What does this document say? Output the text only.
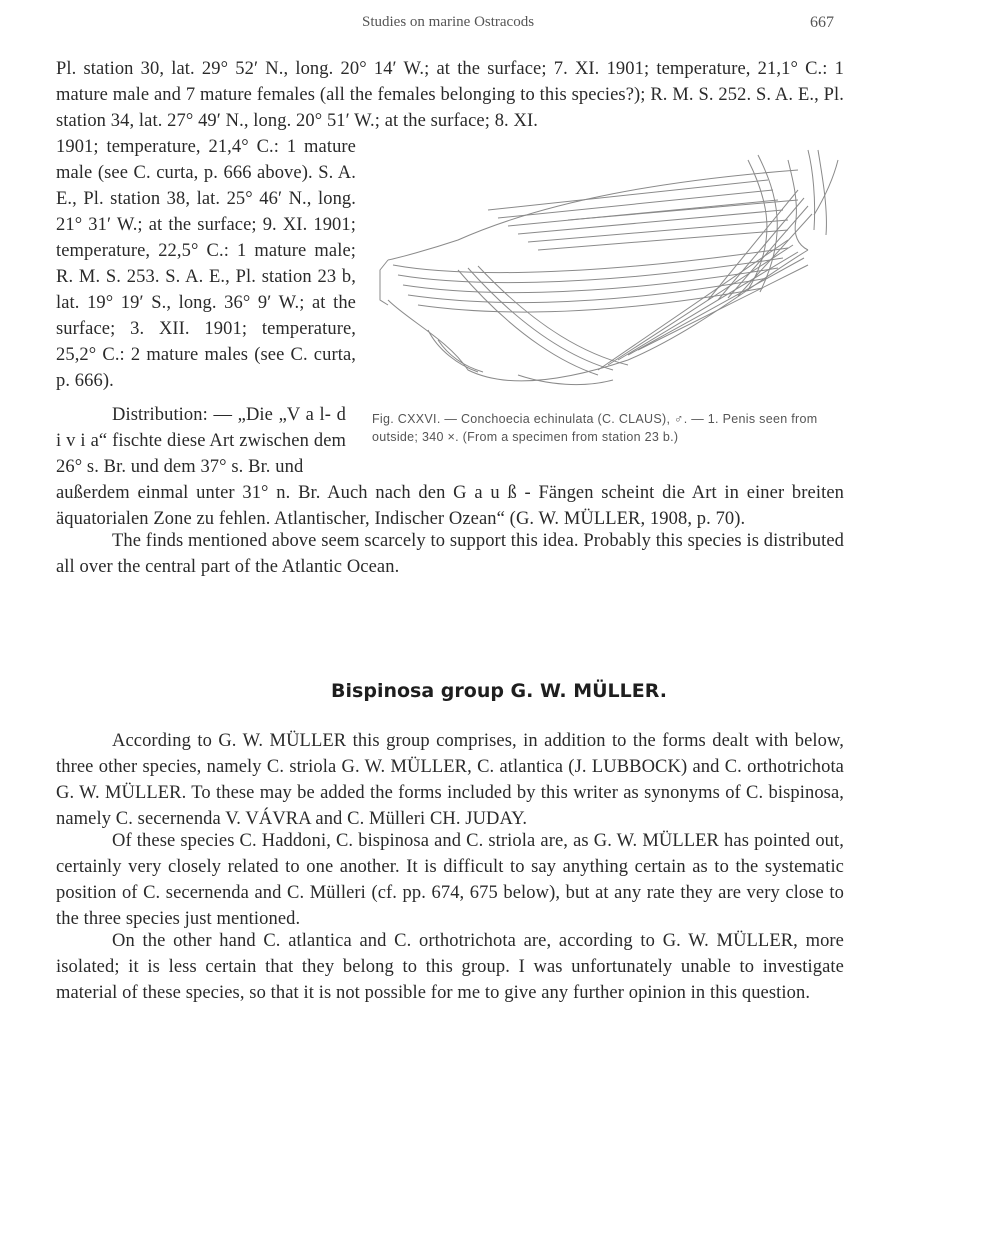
Studies on marine Ostracods	667

Pl. station 30, lat. 29° 52′ N., long. 20° 14′ W.; at the surface; 7. XI. 1901; temperature, 21,1° C.: 1 mature male and 7 mature females (all the females belonging to this species?); R. M. S. 252. S. A. E., Pl. station 34, lat. 27° 49′ N., long. 20° 51′ W.; at the surface; 8. XI.

1901; temperature, 21,4° C.: 1 mature male (see C. curta, p. 666 above). S. A. E., Pl. station 38, lat. 25° 46′ N., long. 21° 31′ W.; at the surface; 9. XI. 1901; temperature, 22,5° C.: 1 mature male; R. M. S. 253. S. A. E., Pl. station 23 b, lat. 19° 19′ S., long. 36° 9′ W.; at the surface; 3. XII. 1901; temperature, 25,2° C.: 2 mature males (see C. curta, p. 666).

Distribution: — „Die „V a l- d i v i a“ fischte diese Art zwischen dem 26° s. Br. und dem 37° s. Br. und

Fig. CXXVI. — Conchoecia echinulata (C. CLAUS), ♂. — 1. Penis seen from outside; 340 ×. (From a specimen from station 23 b.)

außerdem einmal unter 31° n. Br. Auch nach den G a u ß - Fängen scheint die Art in einer breiten äquatorialen Zone zu fehlen. Atlantischer, Indischer Ozean“ (G. W. MÜLLER, 1908, p. 70).

The finds mentioned above seem scarcely to support this idea. Probably this species is distributed all over the central part of the Atlantic Ocean.

Bispinosa group G. W. MÜLLER.

According to G. W. MÜLLER this group comprises, in addition to the forms dealt with below, three other species, namely C. striola G. W. MÜLLER, C. atlantica (J. LUBBOCK) and C. orthotrichota G. W. MÜLLER. To these may be added the forms included by this writer as synonyms of C. bispinosa, namely C. secernenda V. VÁVRA and C. Mülleri CH. JUDAY.

Of these species C. Haddoni, C. bispinosa and C. striola are, as G. W. MÜLLER has pointed out, certainly very closely related to one another. It is difficult to say anything certain as to the systematic position of C. secernenda and C. Mülleri (cf. pp. 674, 675 below), but at any rate they are very close to the three species just mentioned.

On the other hand C. atlantica and C. orthotrichota are, according to G. W. MÜLLER, more isolated; it is less certain that they belong to this group. I was unfortunately unable to investigate material of these species, so that it is not possible for me to give any further opinion in this question.
